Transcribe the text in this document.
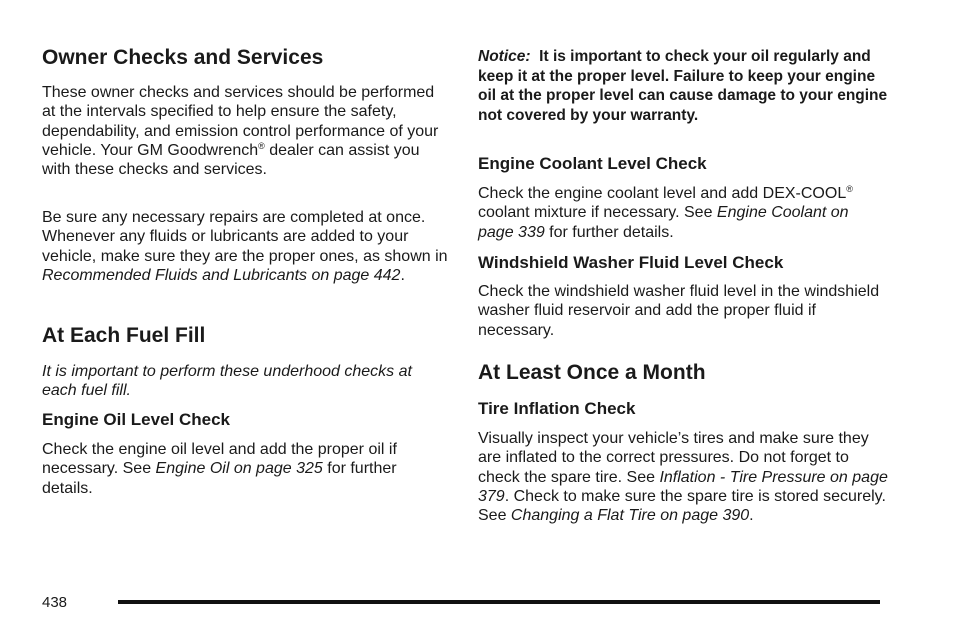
Owner Checks and Services

These owner checks and services should be performed at the intervals specified to help ensure the safety, dependability, and emission control performance of your vehicle. Your GM Goodwrench® dealer can assist you with these checks and services.

Be sure any necessary repairs are completed at once. Whenever any fluids or lubricants are added to your vehicle, make sure they are the proper ones, as shown in Recommended Fluids and Lubricants on page 442.

At Each Fuel Fill

It is important to perform these underhood checks at each fuel fill.

Engine Oil Level Check

Check the engine oil level and add the proper oil if necessary. See Engine Oil on page 325 for further details.

Notice: It is important to check your oil regularly and keep it at the proper level. Failure to keep your engine oil at the proper level can cause damage to your engine not covered by your warranty.

Engine Coolant Level Check

Check the engine coolant level and add DEX-COOL® coolant mixture if necessary. See Engine Coolant on page 339 for further details.

Windshield Washer Fluid Level Check

Check the windshield washer fluid level in the windshield washer fluid reservoir and add the proper fluid if necessary.

At Least Once a Month
Tire Inflation Check

Visually inspect your vehicle’s tires and make sure they are inflated to the correct pressures. Do not forget to check the spare tire. See Inflation - Tire Pressure on page 379. Check to make sure the spare tire is stored securely. See Changing a Flat Tire on page 390.

438
